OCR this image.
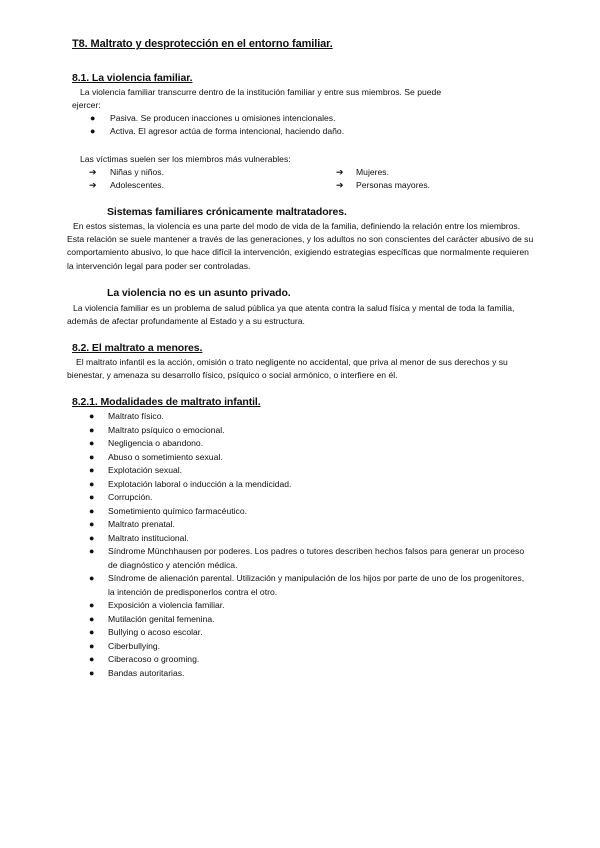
T8. Maltrato y desprotección en el entorno familiar.
8.1. La violencia familiar.
La violencia familiar transcurre dentro de la institución familiar y entre sus miembros. Se puede
ejercer:
● Pasiva. Se producen inacciones u omisiones intencionales.
● Activa. El agresor actúa de forma intencional, haciendo daño.
Las víctimas suelen ser los miembros más vulnerables:
➔ Niñas y niños.
➔ Adolescentes.
➔ Mujeres.
➔ Personas mayores.
Sistemas familiares crónicamente maltratadores.
En estos sistemas, la violencia es una parte del modo de vida de la familia, definiendo la relación entre los miembros. Esta relación se suele mantener a través de las generaciones, y los adultos no son conscientes del carácter abusivo de su comportamiento abusivo, lo que hace difícil la intervención, exigiendo estrategias específicas que normalmente requieren la intervención legal para poder ser controladas.
La violencia no es un asunto privado.
La violencia familiar es un problema de salud pública ya que atenta contra la salud física y mental de toda la familia, además de afectar profundamente al Estado y a su estructura.
8.2. El maltrato a menores.
El maltrato infantil es la acción, omisión o trato negligente no accidental, que priva al menor de sus derechos y su bienestar, y amenaza su desarrollo físico, psíquico o social armónico, o interfiere en él.
8.2.1. Modalidades de maltrato infantil.
● Maltrato físico.
● Maltrato psíquico o emocional.
● Negligencia o abandono.
● Abuso o sometimiento sexual.
● Explotación sexual.
● Explotación laboral o inducción a la mendicidad.
● Corrupción.
● Sometimiento químico farmacéutico.
● Maltrato prenatal.
● Maltrato institucional.
● Síndrome Münchhausen por poderes. Los padres o tutores describen hechos falsos para generar un proceso de diagnóstico y atención médica.
● Síndrome de alienación parental. Utilización y manipulación de los hijos por parte de uno de los progenitores, la intención de predisponerlos contra el otro.
● Exposición a violencia familiar.
● Mutilación genital femenina.
● Bullying o acoso escolar.
● Ciberbullying.
● Ciberacoso o grooming.
● Bandas autoritarias.
